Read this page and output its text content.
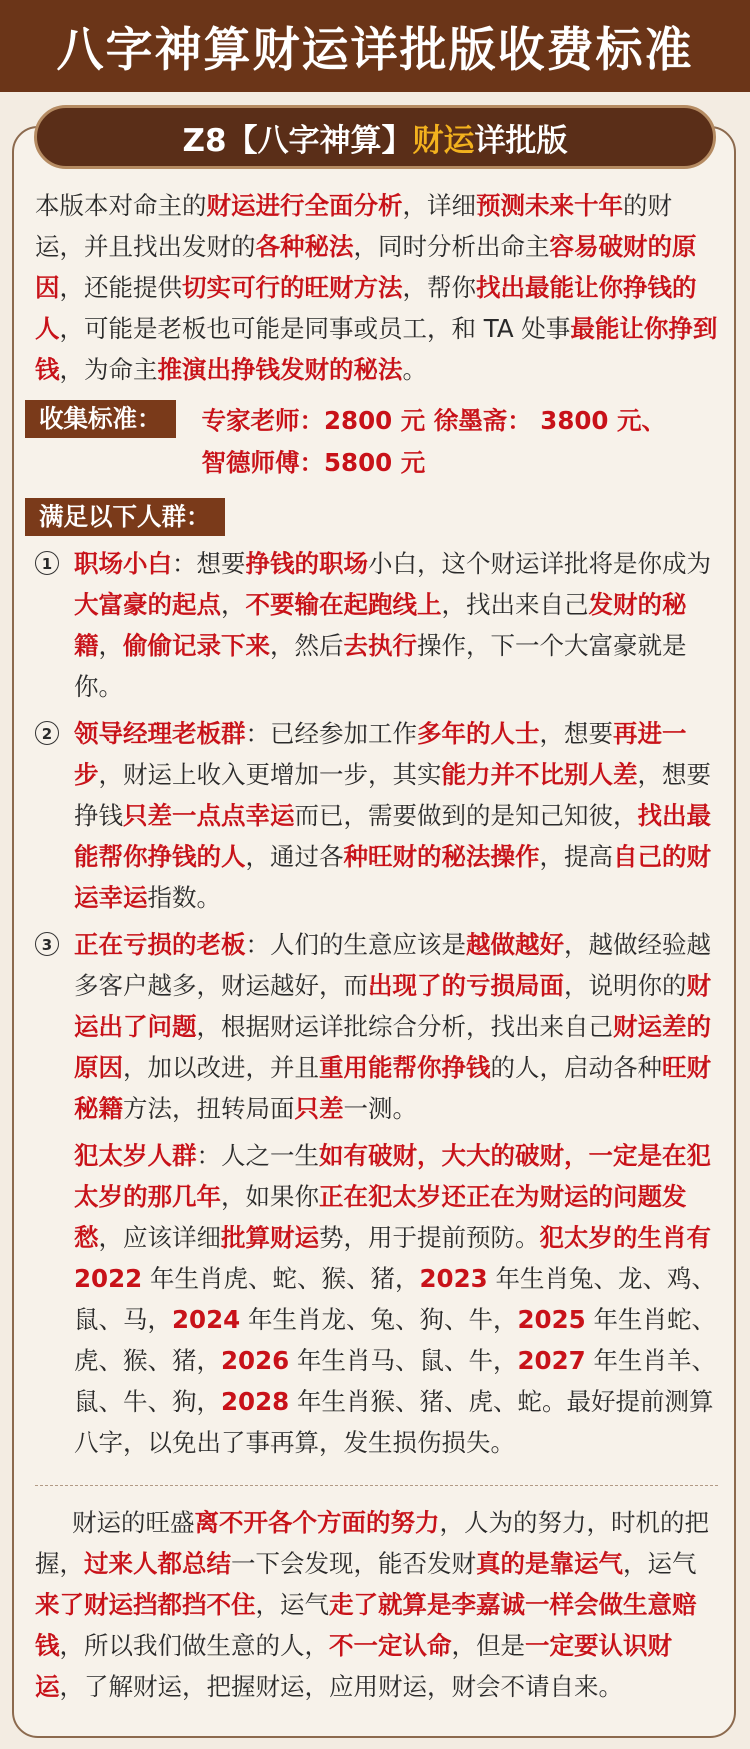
八字神算财运详批版收费标准
Z8【八字神算】 财运 详批版

本版本对命主的财运进行全面分析，详细预测未来十年的财运，并且找出发财的各种秘法，同时分析出命主容易破财的原因，还能提供切实可行的旺财方法，帮你找出最能让你挣钱的人，可能是老板也可能是同事或员工，和 TA 处事最能让你挣到钱，为命主推演出挣钱发财的秘法。

收集标准：	专家老师：2800 元 徐墨斋： 3800 元、
智德师傅：5800 元
满足以下人群：
1 职场小白：想要挣钱的职场小白，这个财运详批将是你成为大富豪的起点，不要输在起跑线上，找出来自己发财的秘籍，偷偷记录下来，然后去执行操作，下一个大富豪就是你。
2 领导经理老板群：已经参加工作多年的人士，想要再进一步，财运上收入更增加一步，其实能力并不比别人差，想要挣钱只差一点点幸运而已，需要做到的是知己知彼，找出最能帮你挣钱的人，通过各种旺财的秘法操作，提高自己的财运幸运指数。
3 正在亏损的老板：人们的生意应该是越做越好，越做经验越多客户越多，财运越好，而出现了的亏损局面，说明你的财运出了问题，根据财运详批综合分析，找出来自己财运差的原因，加以改进，并且重用能帮你挣钱的人，启动各种旺财秘籍方法，扭转局面只差一测。
犯太岁人群：人之一生如有破财，大大的破财，一定是在犯太岁的那几年，如果你正在犯太岁还正在为财运的问题发愁，应该详细批算财运势，用于提前预防。犯太岁的生肖有 2022 年生肖虎、蛇、猴、猪，2023 年生肖兔、龙、鸡、鼠、马，2024 年生肖龙、兔、狗、牛，2025 年生肖蛇、虎、猴、猪，2026 年生肖马、鼠、牛，2027 年生肖羊、鼠、牛、狗，2028 年生肖猴、猪、虎、蛇。最好提前测算八字，以免出了事再算，发生损伤损失。

财运的旺盛离不开各个方面的努力，人为的努力，时机的把握，过来人都总结一下会发现，能否发财真的是靠运气，运气来了财运挡都挡不住，运气走了就算是李嘉诚一样会做生意赔钱，所以我们做生意的人，不一定认命，但是一定要认识财运，了解财运，把握财运，应用财运，财会不请自来。
